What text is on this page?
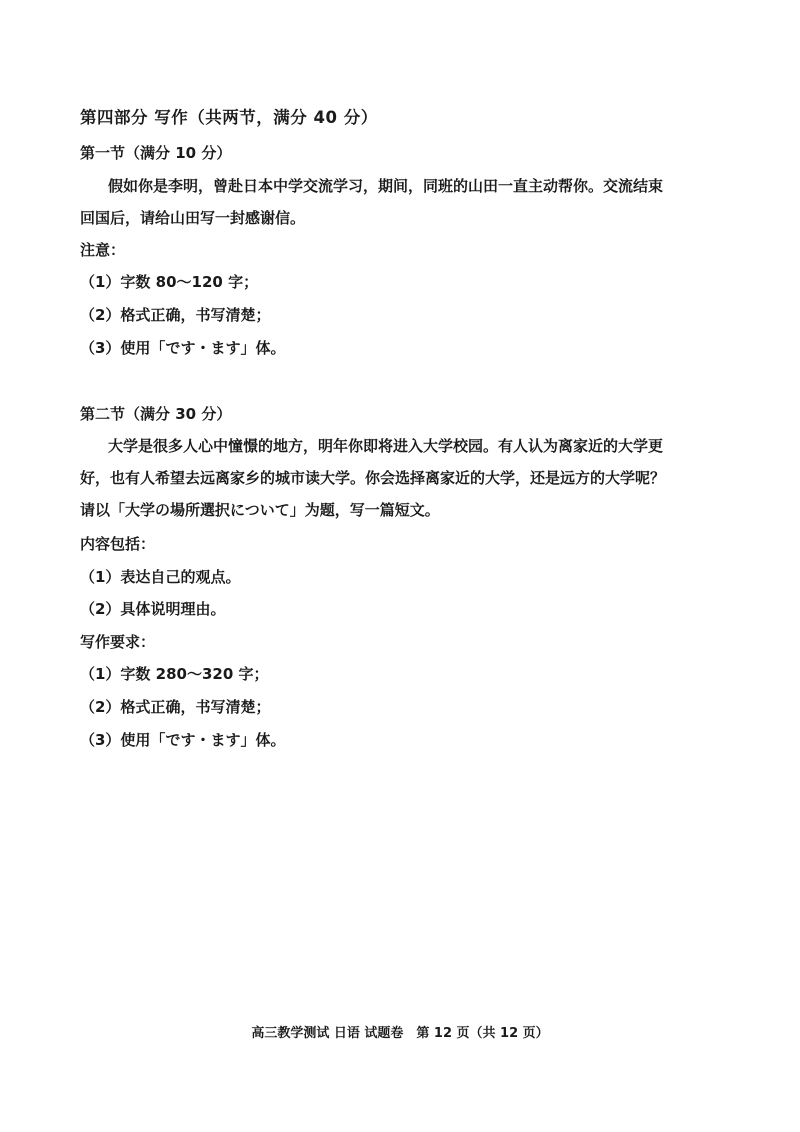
第四部分 写作（共两节，满分 40 分）
第一节（满分 10 分）
假如你是李明，曾赴日本中学交流学习，期间，同班的山田一直主动帮你。交流结束
回国后，请给山田写一封感谢信。
注意：
（1）字数 80～120 字；
（2）格式正确，书写清楚；
（3）使用「です・ます」体。
第二节（满分 30 分）
大学是很多人心中憧憬的地方，明年你即将进入大学校园。有人认为离家近的大学更
好，也有人希望去远离家乡的城市读大学。你会选择离家近的大学，还是远方的大学呢？
请以「大学の場所選択について」为题，写一篇短文。
内容包括：
（1）表达自己的观点。
（2）具体说明理由。
写作要求：
（1）字数 280～320 字；
（2）格式正确，书写清楚；
（3）使用「です・ます」体。
高三教学测试 日语 试题卷　第 12 页（共 12 页）
